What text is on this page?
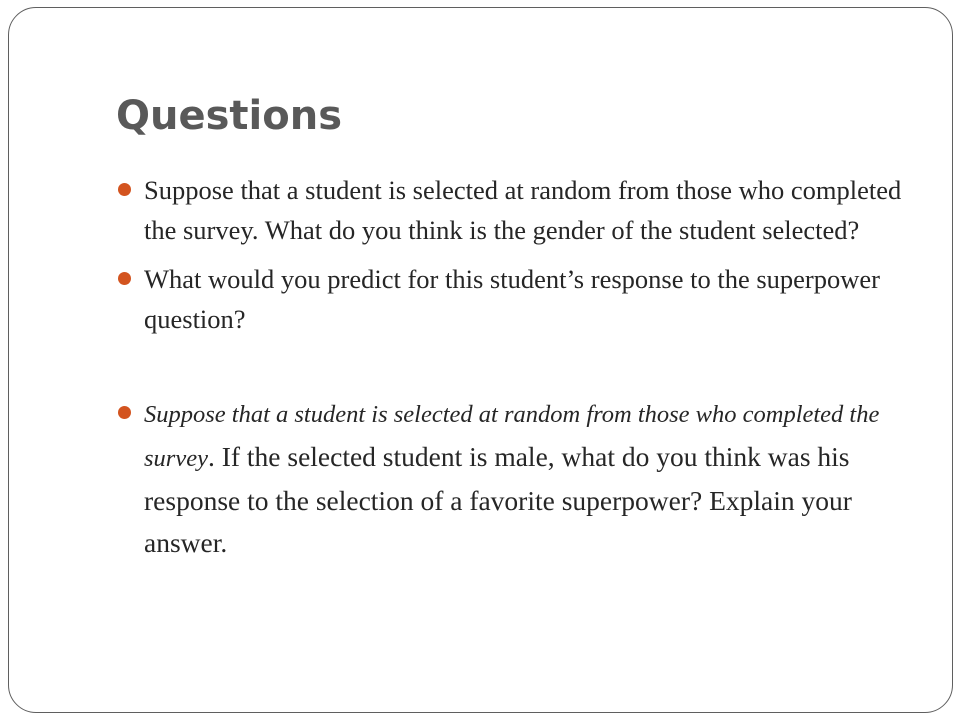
Questions
Suppose that a student is selected at random from those who completed the survey. What do you think is the gender of the student selected?
What would you predict for this student’s response to the superpower question?
Suppose that a student is selected at random from those who completed the survey. If the selected student is male, what do you think was his response to the selection of a favorite superpower? Explain your answer.
